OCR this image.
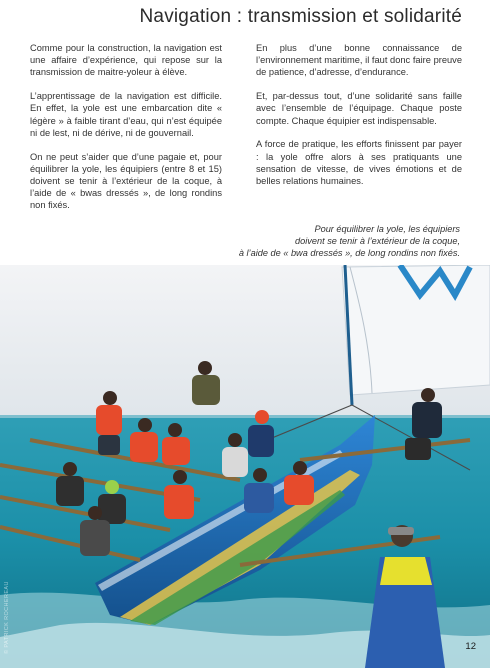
Navigation : transmission et solidarité

Comme pour la construction, la navigation est une affaire d’expérience, qui repose sur la transmission de maitre-yoleur à élève.

L’apprentissage de la navigation est difficile. En effet, la yole est une embarcation dite « légère » à faible tirant d’eau, qui n’est équipée ni de lest, ni de dérive, ni de gouvernail.

On ne peut s’aider que d’une pagaie et, pour équilibrer la yole, les équipiers (entre 8 et 15) doivent se tenir à l’extérieur de la coque, à l’aide de « bwas dressés », de long rondins non fixés.

En plus d’une bonne connaissance de l’environnement maritime, il faut donc faire preuve de patience, d’adresse, d’endurance.

Et, par-dessus tout, d’une solidarité sans faille avec l’ensemble de l’équipage. Chaque poste compte. Chaque équipier est indispensable.

A force de pratique, les efforts finissent par payer : la yole offre alors à ses pratiquants une sensation de vitesse, de vives émotions et de belles relations humaines.

Pour équilibrer la yole, les équipiers
doivent se tenir à l’extérieur de la coque,
à l’aide de « bwa dressés », de long rondins non fixés.
© PATRICK ROCHEREAU	12
